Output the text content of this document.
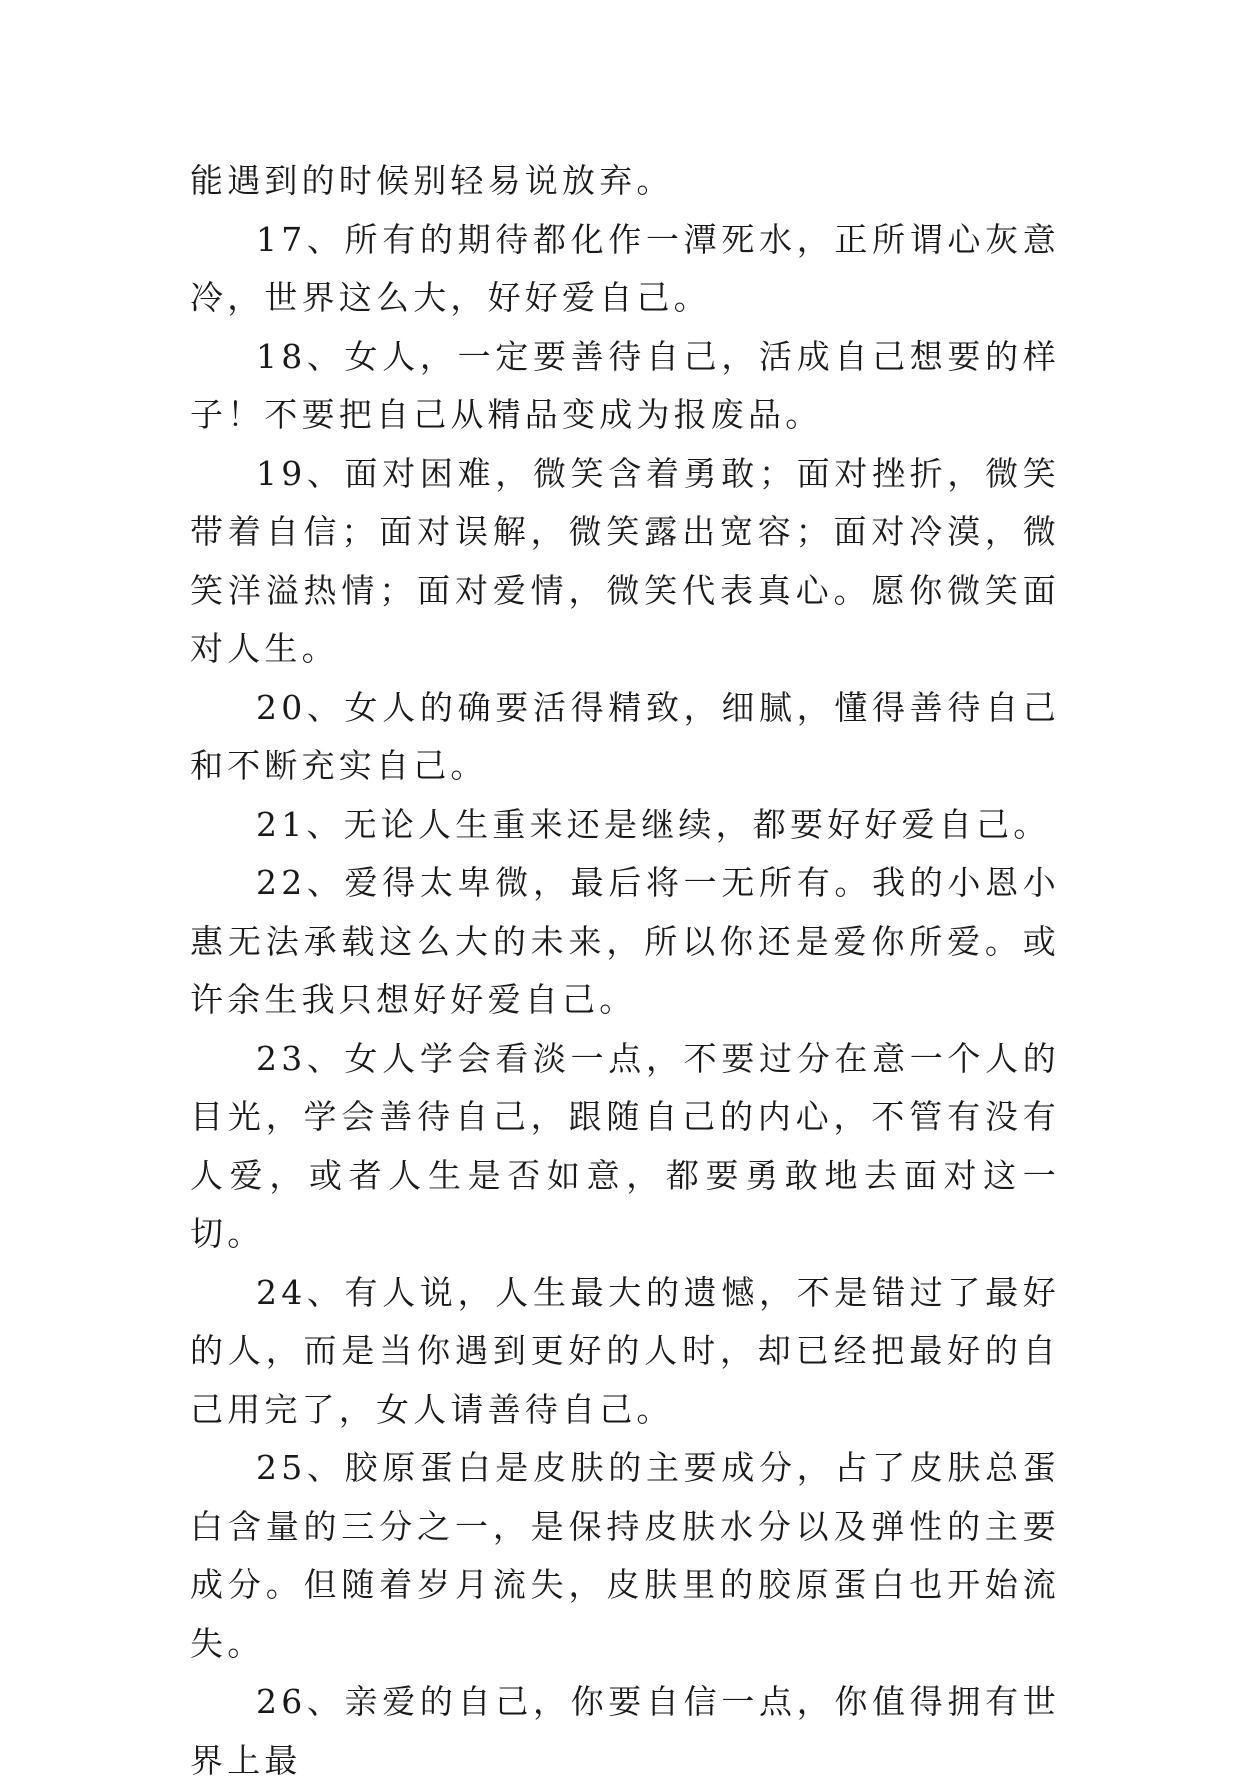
能遇到的时候别轻易说放弃。

17、所有的期待都化作一潭死水，正所谓心灰意冷，世界这么大，好好爱自己。

18、女人，一定要善待自己，活成自己想要的样子！不要把自己从精品变成为报废品。

19、面对困难，微笑含着勇敢；面对挫折，微笑带着自信；面对误解，微笑露出宽容；面对冷漠，微笑洋溢热情；面对爱情，微笑代表真心。愿你微笑面对人生。

20、女人的确要活得精致，细腻，懂得善待自己和不断充实自己。

21、无论人生重来还是继续，都要好好爱自己。

22、爱得太卑微，最后将一无所有。我的小恩小惠无法承载这么大的未来，所以你还是爱你所爱。或许余生我只想好好爱自己。

23、女人学会看淡一点，不要过分在意一个人的目光，学会善待自己，跟随自己的内心，不管有没有人爱，或者人生是否如意，都要勇敢地去面对这一切。

24、有人说，人生最大的遗憾，不是错过了最好的人，而是当你遇到更好的人时，却已经把最好的自己用完了，女人请善待自己。

25、胶原蛋白是皮肤的主要成分，占了皮肤总蛋白含量的三分之一，是保持皮肤水分以及弹性的主要成分。但随着岁月流失，皮肤里的胶原蛋白也开始流失。

26、亲爱的自己，你要自信一点，你值得拥有世界上最
